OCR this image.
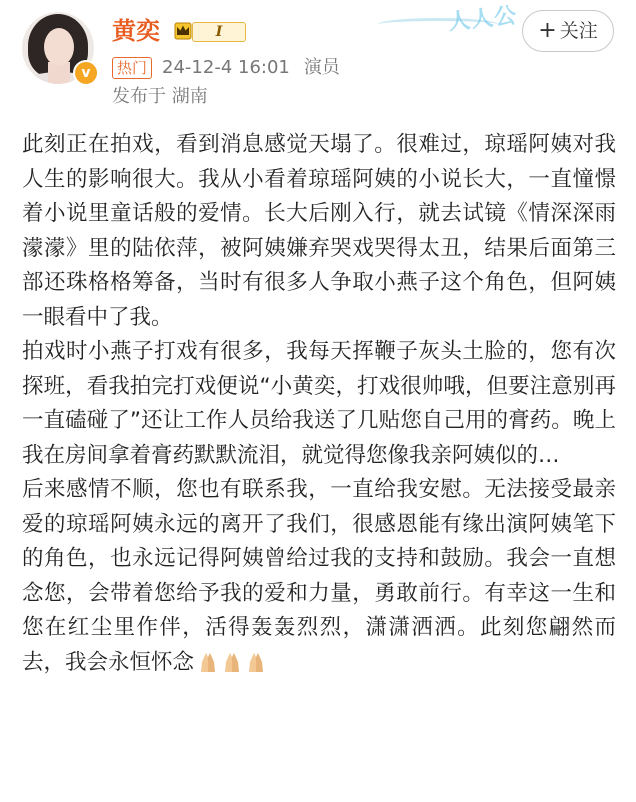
人人公
v
黄奕	I
热门 24-12-4 16:01 演员
发布于 湖南
+ 关注

此刻正在拍戏，看到消息感觉天塌了。很难过，琼瑶阿姨对我人生的影响很大。我从小看着琼瑶阿姨的小说长大，一直憧憬着小说里童话般的爱情。长大后刚入行，就去试镜《情深深雨濛濛》里的陆依萍，被阿姨嫌弃哭戏哭得太丑，结果后面第三部还珠格格筹备，当时有很多人争取小燕子这个角色，但阿姨一眼看中了我。

拍戏时小燕子打戏有很多，我每天挥鞭子灰头土脸的，您有次探班，看我拍完打戏便说“小黄奕，打戏很帅哦，但要注意别再一直磕碰了”还让工作人员给我送了几贴您自己用的膏药。晚上我在房间拿着膏药默默流泪，就觉得您像我亲阿姨似的…

后来感情不顺，您也有联系我，一直给我安慰。无法接受最亲爱的琼瑶阿姨永远的离开了我们，很感恩能有缘出演阿姨笔下的角色，也永远记得阿姨曾给过我的支持和鼓励。我会一直想念您，会带着您给予我的爱和力量，勇敢前行。有幸这一生和您在红尘里作伴，活得轰轰烈烈，潇潇洒洒。此刻您翩然而去，我会永恒怀念
